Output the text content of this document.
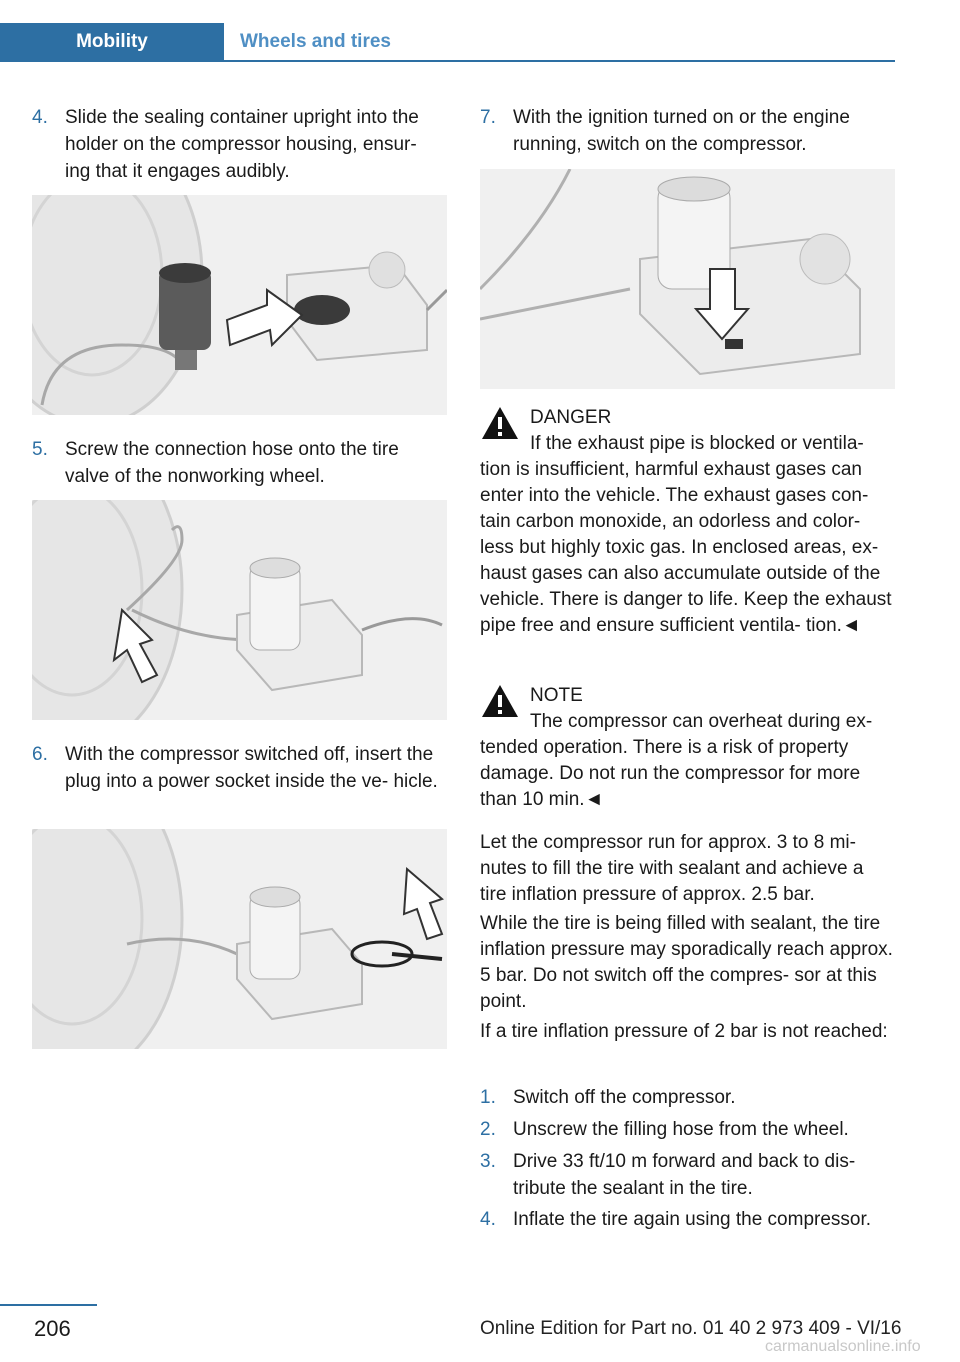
Mobility	Wheels and tires
4. Slide the sealing container upright into the holder on the compressor housing, ensur- ing that it engages audibly.
5. Screw the connection hose onto the tire valve of the nonworking wheel.
6. With the compressor switched off, insert the plug into a power socket inside the ve- hicle.
7. With the ignition turned on or the engine running, switch on the compressor.
DANGER
If the exhaust pipe is blocked or ventila-
tion is insufficient, harmful exhaust gases can enter into the vehicle. The exhaust gases con- tain carbon monoxide, an odorless and color- less but highly toxic gas. In enclosed areas, ex- haust gases can also accumulate outside of the vehicle. There is danger to life. Keep the exhaust pipe free and ensure sufficient ventila- tion.◄
NOTE
The compressor can overheat during ex-
tended operation. There is a risk of property damage. Do not run the compressor for more than 10 min.◄
Let the compressor run for approx. 3 to 8 mi- nutes to fill the tire with sealant and achieve a tire inflation pressure of approx. 2.5 bar.
While the tire is being filled with sealant, the tire inflation pressure may sporadically reach approx. 5 bar. Do not switch off the compres- sor at this point.
If a tire inflation pressure of 2 bar is not reached:
1. Switch off the compressor.
2. Unscrew the filling hose from the wheel.
3. Drive 33 ft/10 m forward and back to dis- tribute the sealant in the tire.
4. Inflate the tire again using the compressor.
206	Online Edition for Part no. 01 40 2 973 409 - VI/16
carmanualsonline.info
